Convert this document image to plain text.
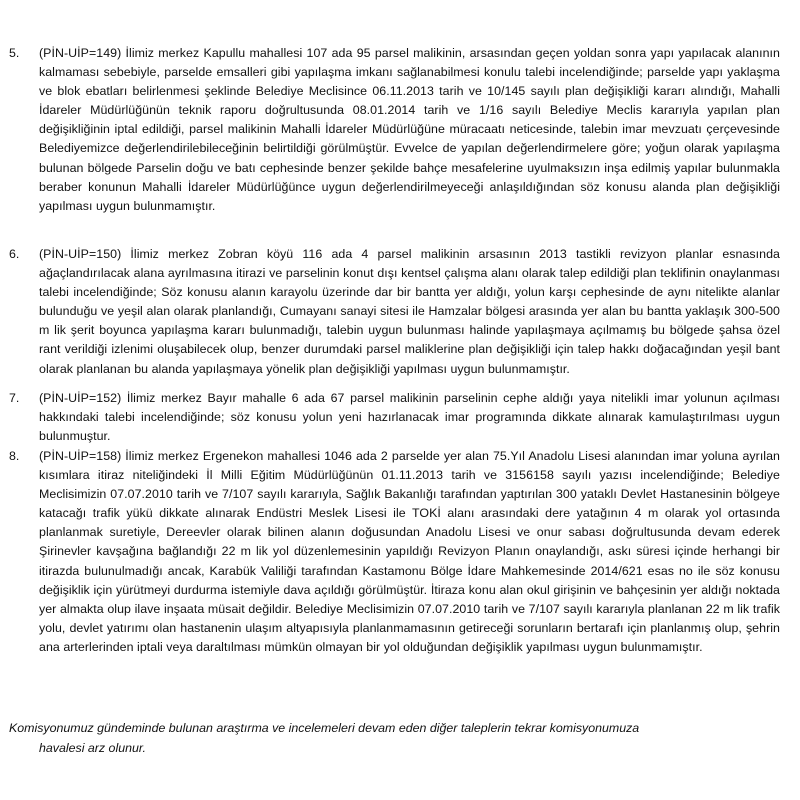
5. (PİN-UİP=149) İlimiz merkez Kapullu mahallesi 107 ada 95 parsel malikinin, arsasından geçen yoldan sonra yapı yapılacak alanının kalmaması sebebiyle, parselde emsalleri gibi yapılaşma imkanı sağlanabilmesi konulu talebi incelendiğinde; parselde yapı yaklaşma ve blok ebatları belirlenmesi şeklinde Belediye Meclisince 06.11.2013 tarih ve 10/145 sayılı plan değişikliği kararı alındığı, Mahalli İdareler Müdürlüğünün teknik raporu doğrultusunda 08.01.2014 tarih ve 1/16 sayılı Belediye Meclis kararıyla yapılan plan değişikliğinin iptal edildiği, parsel malikinin Mahalli İdareler Müdürlüğüne müracaatı neticesinde, talebin imar mevzuatı çerçevesinde Belediyemizce değerlendirilebileceğinin belirtildiği görülmüştür. Evvelce de yapılan değerlendirmelere göre; yoğun olarak yapılaşma bulunan bölgede Parselin doğu ve batı cephesinde benzer şekilde bahçe mesafelerine uyulmaksızın inşa edilmiş yapılar bulunmakla beraber konunun Mahalli İdareler Müdürlüğünce uygun değerlendirilmeyeceği anlaşıldığından söz konusu alanda plan değişikliği yapılması uygun bulunmamıştır.
6. (PİN-UİP=150) İlimiz merkez Zobran köyü 116 ada 4 parsel malikinin arsasının 2013 tastikli revizyon planlar esnasında ağaçlandırılacak alana ayrılmasına itirazi ve parselinin konut dışı kentsel çalışma alanı olarak talep edildiği plan teklifinin onaylanması talebi incelendiğinde; Söz konusu alanın karayolu üzerinde dar bir bantta yer aldığı, yolun karşı cephesinde de aynı nitelikte alanlar bulunduğu ve yeşil alan olarak planlandığı, Cumayanı sanayi sitesi ile Hamzalar bölgesi arasında yer alan bu bantta yaklaşık 300-500 m lik şerit boyunca yapılaşma kararı bulunmadığı, talebin uygun bulunması halinde yapılaşmaya açılmamış bu bölgede şahsa özel rant verildiği izlenimi oluşabilecek olup, benzer durumdaki parsel maliklerine plan değişikliği için talep hakkı doğacağından yeşil bant olarak planlanan bu alanda yapılaşmaya yönelik plan değişikliği yapılması uygun bulunmamıştır.
7. (PİN-UİP=152) İlimiz merkez Bayır mahalle 6 ada 67 parsel malikinin parselinin cephe aldığı yaya nitelikli imar yolunun açılması hakkındaki talebi incelendiğinde; söz konusu yolun yeni hazırlanacak imar programında dikkate alınarak kamulaştırılması uygun bulunmuştur.
8. (PİN-UİP=158) İlimiz merkez Ergenekon mahallesi 1046 ada 2 parselde yer alan 75.Yıl Anadolu Lisesi alanından imar yoluna ayrılan kısımlara itiraz niteliğindeki İl Milli Eğitim Müdürlüğünün 01.11.2013 tarih ve 3156158 sayılı yazısı incelendiğinde; Belediye Meclisimizin 07.07.2010 tarih ve 7/107 sayılı kararıyla, Sağlık Bakanlığı tarafından yaptırılan 300 yataklı Devlet Hastanesinin bölgeye katacağı trafik yükü dikkate alınarak Endüstri Meslek Lisesi ile TOKİ alanı arasındaki dere yatağının 4 m olarak yol ortasında planlanmak suretiyle, Dereevler olarak bilinen alanın doğusundan Anadolu Lisesi ve onur sabası doğrultusunda devam ederek Şirinevler kavşağına bağlandığı 22 m lik yol düzenlemesinin yapıldığı Revizyon Planın onaylandığı, askı süresi içinde herhangi bir itirazda bulunulmadığı ancak, Karabük Valiliği tarafından Kastamonu Bölge İdare Mahkemesinde 2014/621 esas no ile söz konusu değişiklik için yürütmeyi durdurma istemiyle dava açıldığı görülmüştür. İtiraza konu alan okul girişinin ve bahçesinin yer aldığı noktada yer almakta olup ilave inşaata müsait değildir. Belediye Meclisimizin 07.07.2010 tarih ve 7/107 sayılı kararıyla planlanan 22 m lik trafik yolu, devlet yatırımı olan hastanenin ulaşım altyapısıyla planlanmamasının getireceği sorunların bertarafı için planlanmış olup, şehrin ana arterlerinden iptali veya daraltılması mümkün olmayan bir yol olduğundan değişiklik yapılması uygun bulunmamıştır.
Komisyonumuz gündeminde bulunan araştırma ve incelemeleri devam eden diğer taleplerin tekrar komisyonumuza
havalesi arz olunur.
